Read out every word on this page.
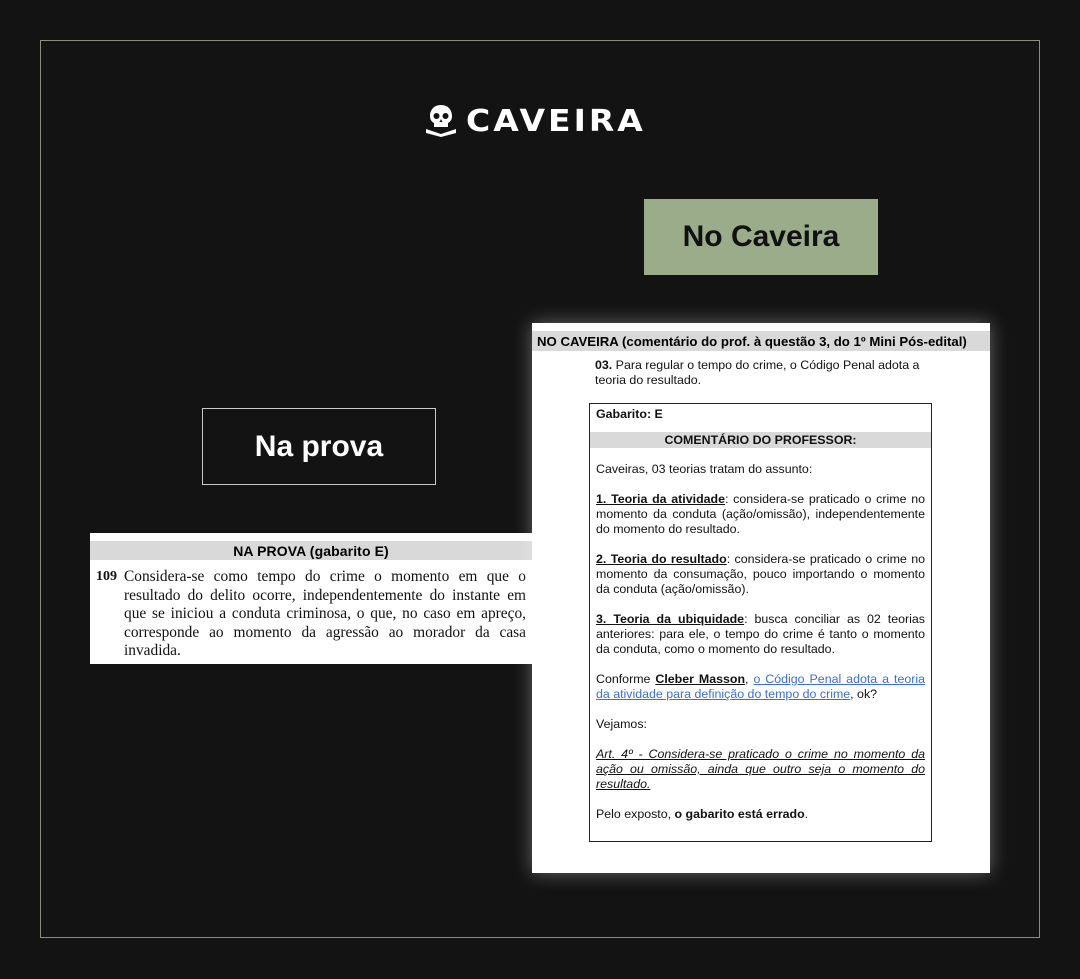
CAVEIRA
No Caveira
Na prova
NA PROVA (gabarito E)
109 Considera-se como tempo do crime o momento em que o resultado do delito ocorre, independentemente do instante em que se iniciou a conduta criminosa, o que, no caso em apreço, corresponde ao momento da agressão ao morador da casa invadida.
NO CAVEIRA (comentário do prof. à questão 3, do 1º Mini Pós-edital)
03. Para regular o tempo do crime, o Código Penal adota a teoria do resultado.
Gabarito: E
COMENTÁRIO DO PROFESSOR:

Caveiras, 03 teorias tratam do assunto:

1. Teoria da atividade: considera-se praticado o crime no momento da conduta (ação/omissão), independentemente do momento do resultado.

2. Teoria do resultado: considera-se praticado o crime no momento da consumação, pouco importando o momento da conduta (ação/omissão).

3. Teoria da ubiquidade: busca conciliar as 02 teorias anteriores: para ele, o tempo do crime é tanto o momento da conduta, como o momento do resultado.

Conforme Cleber Masson, o Código Penal adota a teoria da atividade para definição do tempo do crime, ok?

Vejamos:

Art. 4º - Considera-se praticado o crime no momento da ação ou omissão, ainda que outro seja o momento do resultado.

Pelo exposto, o gabarito está errado.
